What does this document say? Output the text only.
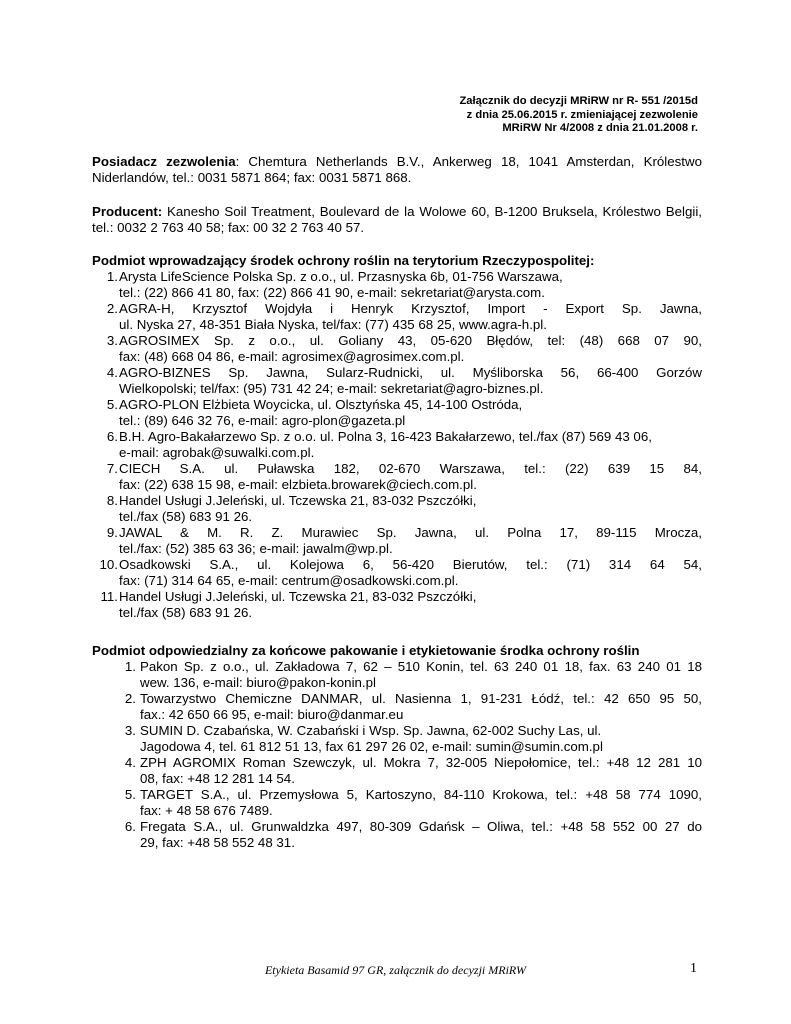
Załącznik do decyzji MRiRW nr R- 551 /2015d
z dnia 25.06.2015 r. zmieniającej zezwolenie
MRiRW Nr 4/2008 z dnia 21.01.2008 r.
Posiadacz zezwolenia: Chemtura Netherlands B.V., Ankerweg 18, 1041 Amsterdan, Królestwo Niderlandów, tel.: 0031 5871 864; fax: 0031 5871 868.
Producent: Kanesho Soil Treatment, Boulevard de la Wolowe 60, B-1200 Bruksela, Królestwo Belgii, tel.: 0032 2 763 40 58; fax: 00 32 2 763 40 57.
Podmiot wprowadzający środek ochrony roślin na terytorium Rzeczypospolitej:
1. Arysta LifeScience Polska Sp. z o.o., ul. Przasnyska 6b, 01-756 Warszawa,
tel.: (22) 866 41 80, fax: (22) 866 41 90, e-mail: sekretariat@arysta.com.
2. AGRA-H, Krzysztof Wojdyła i Henryk Krzysztof, Import - Export Sp. Jawna,
ul. Nyska 27, 48-351 Biała Nyska, tel/fax: (77) 435 68 25, www.agra-h.pl.
3. AGROSIMEX Sp. z o.o., ul. Goliany 43, 05-620 Błędów, tel: (48) 668 07 90,
fax: (48) 668 04 86, e-mail: agrosimex@agrosimex.com.pl.
4. AGRO-BIZNES Sp. Jawna, Sularz-Rudnicki, ul. Myśliborska 56, 66-400 Gorzów
Wielkopolski; tel/fax: (95) 731 42 24; e-mail: sekretariat@agro-biznes.pl.
5. AGRO-PLON Elżbieta Woycicka, ul. Olsztyńska 45, 14-100 Ostróda,
tel.: (89) 646 32 76, e-mail: agro-plon@gazeta.pl
6. B.H. Agro-Bakałarzewo Sp. z o.o. ul. Polna 3, 16-423 Bakałarzewo, tel./fax (87) 569 43 06,
e-mail: agrobak@suwalki.com.pl.
7. CIECH S.A. ul. Puławska 182, 02-670 Warszawa, tel.: (22) 639 15 84,
fax: (22) 638 15 98, e-mail: elzbieta.browarek@ciech.com.pl.
8. Handel Usługi J.Jeleński, ul. Tczewska 21, 83-032 Pszczółki,
tel./fax (58) 683 91 26.
9. JAWAL & M. R. Z. Murawiec Sp. Jawna, ul. Polna 17, 89-115 Mrocza,
tel./fax: (52) 385 63 36; e-mail: jawalm@wp.pl.
10. Osadkowski S.A., ul. Kolejowa 6, 56-420 Bierutów, tel.: (71) 314 64 54,
fax: (71) 314 64 65, e-mail: centrum@osadkowski.com.pl.
11. Handel Usługi J.Jeleński, ul. Tczewska 21, 83-032 Pszczółki,
tel./fax (58) 683 91 26.
Podmiot odpowiedzialny za końcowe pakowanie i etykietowanie środka ochrony roślin
1. Pakon Sp. z o.o., ul. Zakładowa 7, 62 – 510 Konin, tel. 63 240 01 18, fax. 63 240 01 18
wew. 136, e-mail: biuro@pakon-konin.pl
2. Towarzystwo Chemiczne DANMAR, ul. Nasienna 1, 91-231 Łódź, tel.: 42 650 95 50,
fax.: 42 650 66 95, e-mail: biuro@danmar.eu
3. SUMIN D. Czabańska, W. Czabański i Wsp. Sp. Jawna, 62-002 Suchy Las, ul.
Jagodowa 4, tel. 61 812 51 13, fax 61 297 26 02, e-mail: sumin@sumin.com.pl
4. ZPH AGROMIX Roman Szewczyk, ul. Mokra 7, 32-005 Niepołomice, tel.: +48 12 281 10
08, fax: +48 12 281 14 54.
5. TARGET S.A., ul. Przemysłowa 5, Kartoszyno, 84-110 Krokowa, tel.: +48 58 774 1090,
fax: + 48 58 676 7489.
6. Fregata S.A., ul. Grunwaldzka 497, 80-309 Gdańsk – Oliwa, tel.: +48 58 552 00 27 do
29, fax: +48 58 552 48 31.
Etykieta Basamid 97 GR, załącznik do decyzji MRiRW	1
